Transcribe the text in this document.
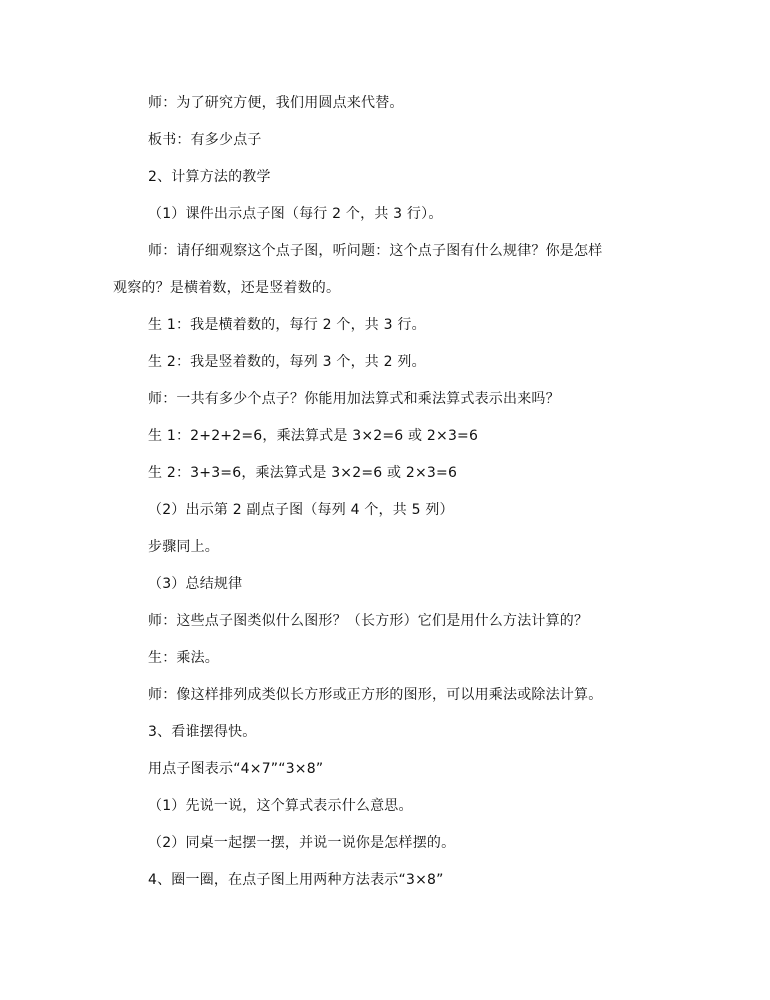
师：为了研究方便，我们用圆点来代替。
板书：有多少点子
2、计算方法的教学
（1）课件出示点子图（每行 2 个，共 3 行）。
师：请仔细观察这个点子图，听问题：这个点子图有什么规律？你是怎样
观察的？是横着数，还是竖着数的。
生 1：我是横着数的，每行 2 个，共 3 行。
生 2：我是竖着数的，每列 3 个，共 2 列。
师：一共有多少个点子？你能用加法算式和乘法算式表示出来吗？
生 1：2+2+2=6，乘法算式是 3×2=6 或 2×3=6
生 2：3+3=6，乘法算式是 3×2=6 或 2×3=6
（2）出示第 2 副点子图（每列 4 个，共 5 列）
步骤同上。
（3）总结规律
师：这些点子图类似什么图形？（长方形）它们是用什么方法计算的？
生：乘法。
师：像这样排列成类似长方形或正方形的图形，可以用乘法或除法计算。
3、看谁摆得快。
用点子图表示“4×7”“3×8”
（1）先说一说，这个算式表示什么意思。
（2）同桌一起摆一摆，并说一说你是怎样摆的。
4、圈一圈，在点子图上用两种方法表示“3×8”
